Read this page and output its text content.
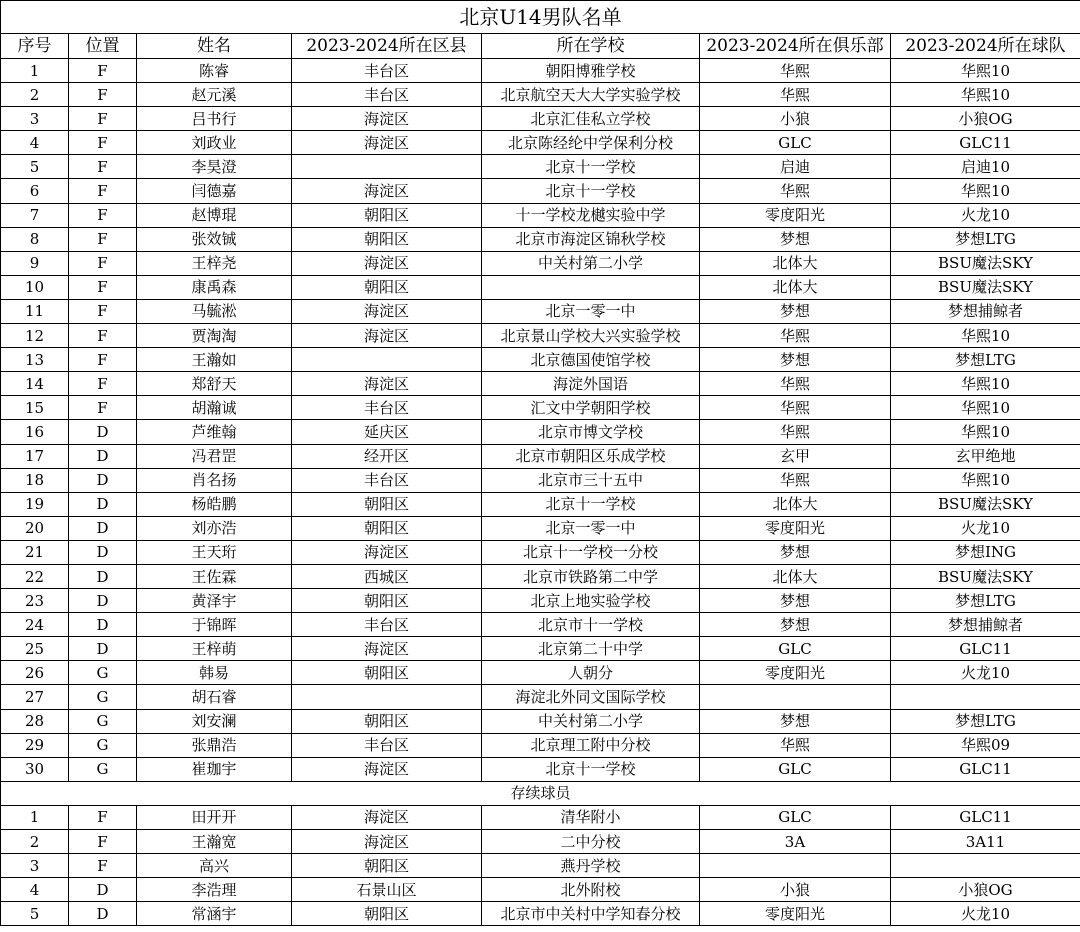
北京U14男队名单						
序号	位置	姓名	2023-2024所在区县	所在学校	2023-2024所在俱乐部	2023-2024所在球队
1	F	陈睿	丰台区	朝阳博雅学校	华熙	华熙10
2	F	赵元溪	丰台区	北京航空天大大学实验学校	华熙	华熙10
3	F	吕书行	海淀区	北京汇佳私立学校	小狼	小狼OG
4	F	刘政业	海淀区	北京陈经纶中学保利分校	GLC	GLC11
5	F	李昊澄		北京十一学校	启迪	启迪10
6	F	闫德嘉	海淀区	北京十一学校	华熙	华熙10
7	F	赵博琨	朝阳区	十一学校龙樾实验中学	零度阳光	火龙10
8	F	张效铖	朝阳区	北京市海淀区锦秋学校	梦想	梦想LTG
9	F	王梓尧	海淀区	中关村第二小学	北体大	BSU魔法SKY
10	F	康禹森	朝阳区		北体大	BSU魔法SKY
11	F	马毓淞	海淀区	北京一零一中	梦想	梦想捕鲸者
12	F	贾淘淘	海淀区	北京景山学校大兴实验学校	华熙	华熙10
13	F	王瀚如		北京德国使馆学校	梦想	梦想LTG
14	F	郑舒天	海淀区	海淀外国语	华熙	华熙10
15	F	胡瀚诚	丰台区	汇文中学朝阳学校	华熙	华熙10
16	D	芦维翰	延庆区	北京市博文学校	华熙	华熙10
17	D	冯君罡	经开区	北京市朝阳区乐成学校	玄甲	玄甲绝地
18	D	肖名扬	丰台区	北京市三十五中	华熙	华熙10
19	D	杨皓鹏	朝阳区	北京十一学校	北体大	BSU魔法SKY
20	D	刘亦浩	朝阳区	北京一零一中	零度阳光	火龙10
21	D	王天珩	海淀区	北京十一学校一分校	梦想	梦想ING
22	D	王佐霖	西城区	北京市铁路第二中学	北体大	BSU魔法SKY
23	D	黄泽宇	朝阳区	北京上地实验学校	梦想	梦想LTG
24	D	于锦晖	丰台区	北京市十一学校	梦想	梦想捕鲸者
25	D	王梓萌	海淀区	北京第二十中学	GLC	GLC11
26	G	韩易	朝阳区	人朝分	零度阳光	火龙10
27	G	胡石睿		海淀北外同文国际学校		
28	G	刘安澜	朝阳区	中关村第二小学	梦想	梦想LTG
29	G	张鼎浩	丰台区	北京理工附中分校	华熙	华熙09
30	G	崔珈宇	海淀区	北京十一学校	GLC	GLC11
存续球员						
1	F	田开开	海淀区	清华附小	GLC	GLC11
2	F	王瀚宽	海淀区	二中分校	3A	3A11
3	F	高兴	朝阳区	燕丹学校		
4	D	李浩理	石景山区	北外附校	小狼	小狼OG
5	D	常涵宇	朝阳区	北京市中关村中学知春分校	零度阳光	火龙10
